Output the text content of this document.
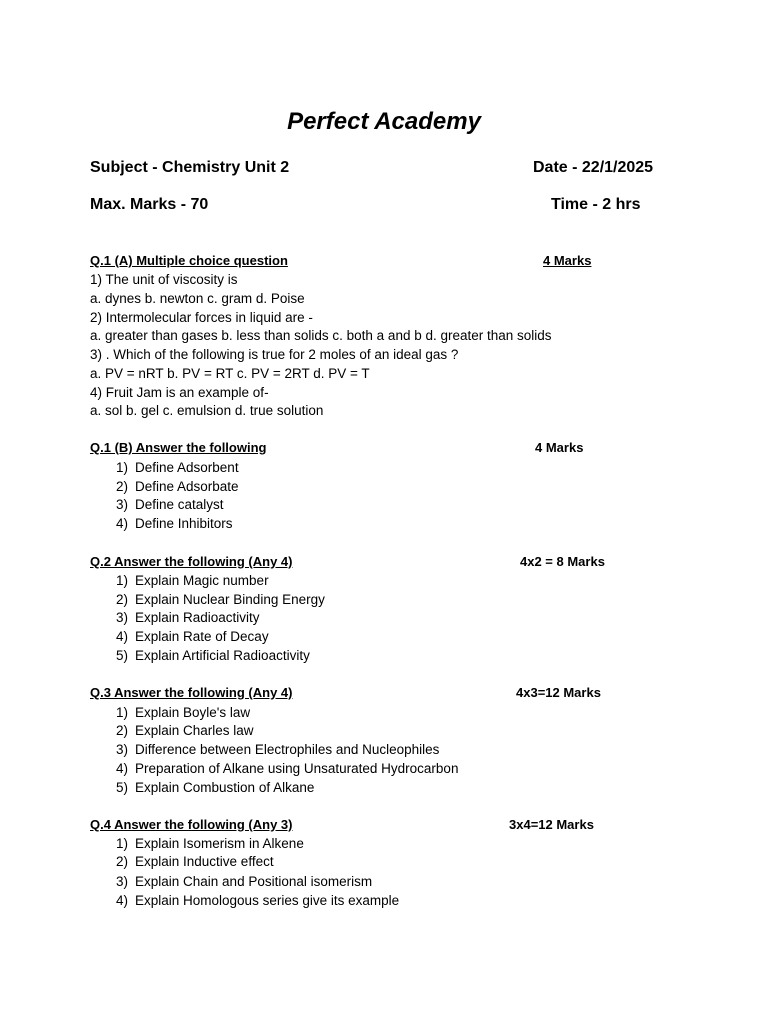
Perfect Academy
Subject - Chemistry Unit 2	Date - 22/1/2025
Max. Marks - 70	Time - 2 hrs
Q.1 (A) Multiple choice question	4 Marks
1) The unit of viscosity is
a. dynes b. newton c. gram d. Poise
2) Intermolecular forces in liquid are -
a. greater than gases b. less than solids c. both a and b d. greater than solids
3) . Which of the following is true for 2 moles of an ideal gas ?
a. PV = nRT b. PV = RT c. PV = 2RT d. PV = T
4) Fruit Jam is an example of-
a. sol b. gel c. emulsion d. true solution
Q.1 (B) Answer the following	4 Marks
1) Define Adsorbent
2) Define Adsorbate
3) Define catalyst
4) Define Inhibitors
Q.2 Answer the following (Any 4)	4x2 = 8 Marks
1) Explain Magic number
2) Explain Nuclear Binding Energy
3) Explain Radioactivity
4) Explain Rate of Decay
5) Explain Artificial Radioactivity
Q.3 Answer the following (Any 4)	4x3=12 Marks
1) Explain Boyle's law
2) Explain Charles law
3) Difference between Electrophiles and Nucleophiles
4) Preparation of Alkane using Unsaturated Hydrocarbon
5) Explain Combustion of Alkane
Q.4 Answer the following (Any 3)	3x4=12 Marks
1) Explain Isomerism in Alkene
2) Explain Inductive effect
3) Explain Chain and Positional isomerism
4) Explain Homologous series give its example
